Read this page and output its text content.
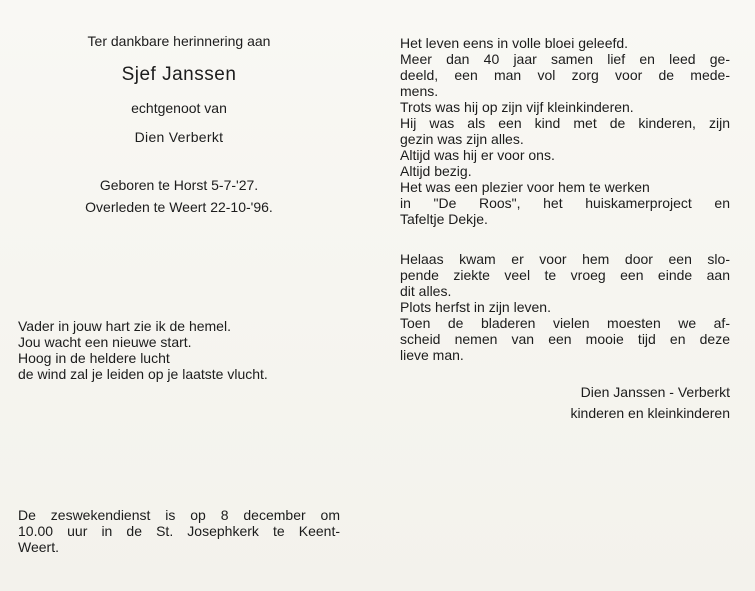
Ter dankbare herinnering aan
Sjef Janssen
echtgenoot van
Dien Verberkt
Geboren te Horst 5-7-'27.
Overleden te Weert 22-10-'96.
Vader in jouw hart zie ik de hemel.
Jou wacht een nieuwe start.
Hoog in de heldere lucht
de wind zal je leiden op je laatste vlucht.
De zeswekendienst is op 8 december om
10.00 uur in de St. Josephkerk te Keent-
Weert.
Het leven eens in volle bloei geleefd.
Meer dan 40 jaar samen lief en leed ge-
deeld, een man vol zorg voor de mede-
mens.
Trots was hij op zijn vijf kleinkinderen.
Hij was als een kind met de kinderen, zijn
gezin was zijn alles.
Altijd was hij er voor ons.
Altijd bezig.
Het was een plezier voor hem te werken
in "De Roos", het huiskamerproject en
Tafeltje Dekje.
Helaas kwam er voor hem door een slo-
pende ziekte veel te vroeg een einde aan
dit alles.
Plots herfst in zijn leven.
Toen de bladeren vielen moesten we af-
scheid nemen van een mooie tijd en deze
lieve man.
Dien Janssen - Verberkt
kinderen en kleinkinderen
